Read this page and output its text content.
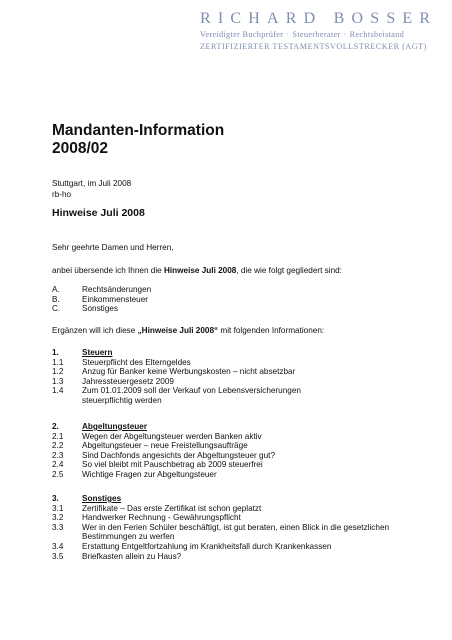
RICHARD BOSSER
Vereidigter Buchprüfer · Steuerberater · Rechtsbeistand
ZERTIFIZIERTER TESTAMENTSVOLLSTRECKER (AGT)
Mandanten-Information
2008/02
Stuttgart, im Juli 2008
rb-ho
Hinweise Juli 2008
Sehr geehrte Damen und Herren,
anbei übersende ich Ihnen die Hinweise Juli 2008, die wie folgt gegliedert sind:
A.	Rechtsänderungen
B.	Einkommensteuer
C.	Sonstiges
Ergänzen will ich diese „Hinweise Juli 2008“ mit folgenden Informationen:
1.	Steuern
1.1	Steuerpflicht des Elterngeldes
1.2	Anzug für Banker keine Werbungskosten – nicht absetzbar
1.3	Jahressteuergesetz 2009
1.4	Zum 01.01.2009 soll der Verkauf von Lebensversicherungen steuerpflichtig werden
2.	Abgeltungsteuer
2.1	Wegen der Abgeltungsteuer werden Banken aktiv
2.2	Abgeltungsteuer – neue Freistellungsaufträge
2.3	Sind Dachfonds angesichts der Abgeltungsteuer gut?
2.4	So viel bleibt mit Pauschbetrag ab 2009 steuerfrei
2.5	Wichtige Fragen zur Abgeltungsteuer
3.	Sonstiges
3.1	Zertifikate – Das erste Zertifikat ist schon geplatzt
3.2	Handwerker Rechnung - Gewährungspflicht
3.3	Wer in den Ferien Schüler beschäftigt, ist gut beraten, einen Blick in die gesetzlichen Bestimmungen zu werfen
3.4	Erstattung Entgeltfortzahlung im Krankheitsfall durch Krankenkassen
3.5	Briefkasten allein zu Haus?
